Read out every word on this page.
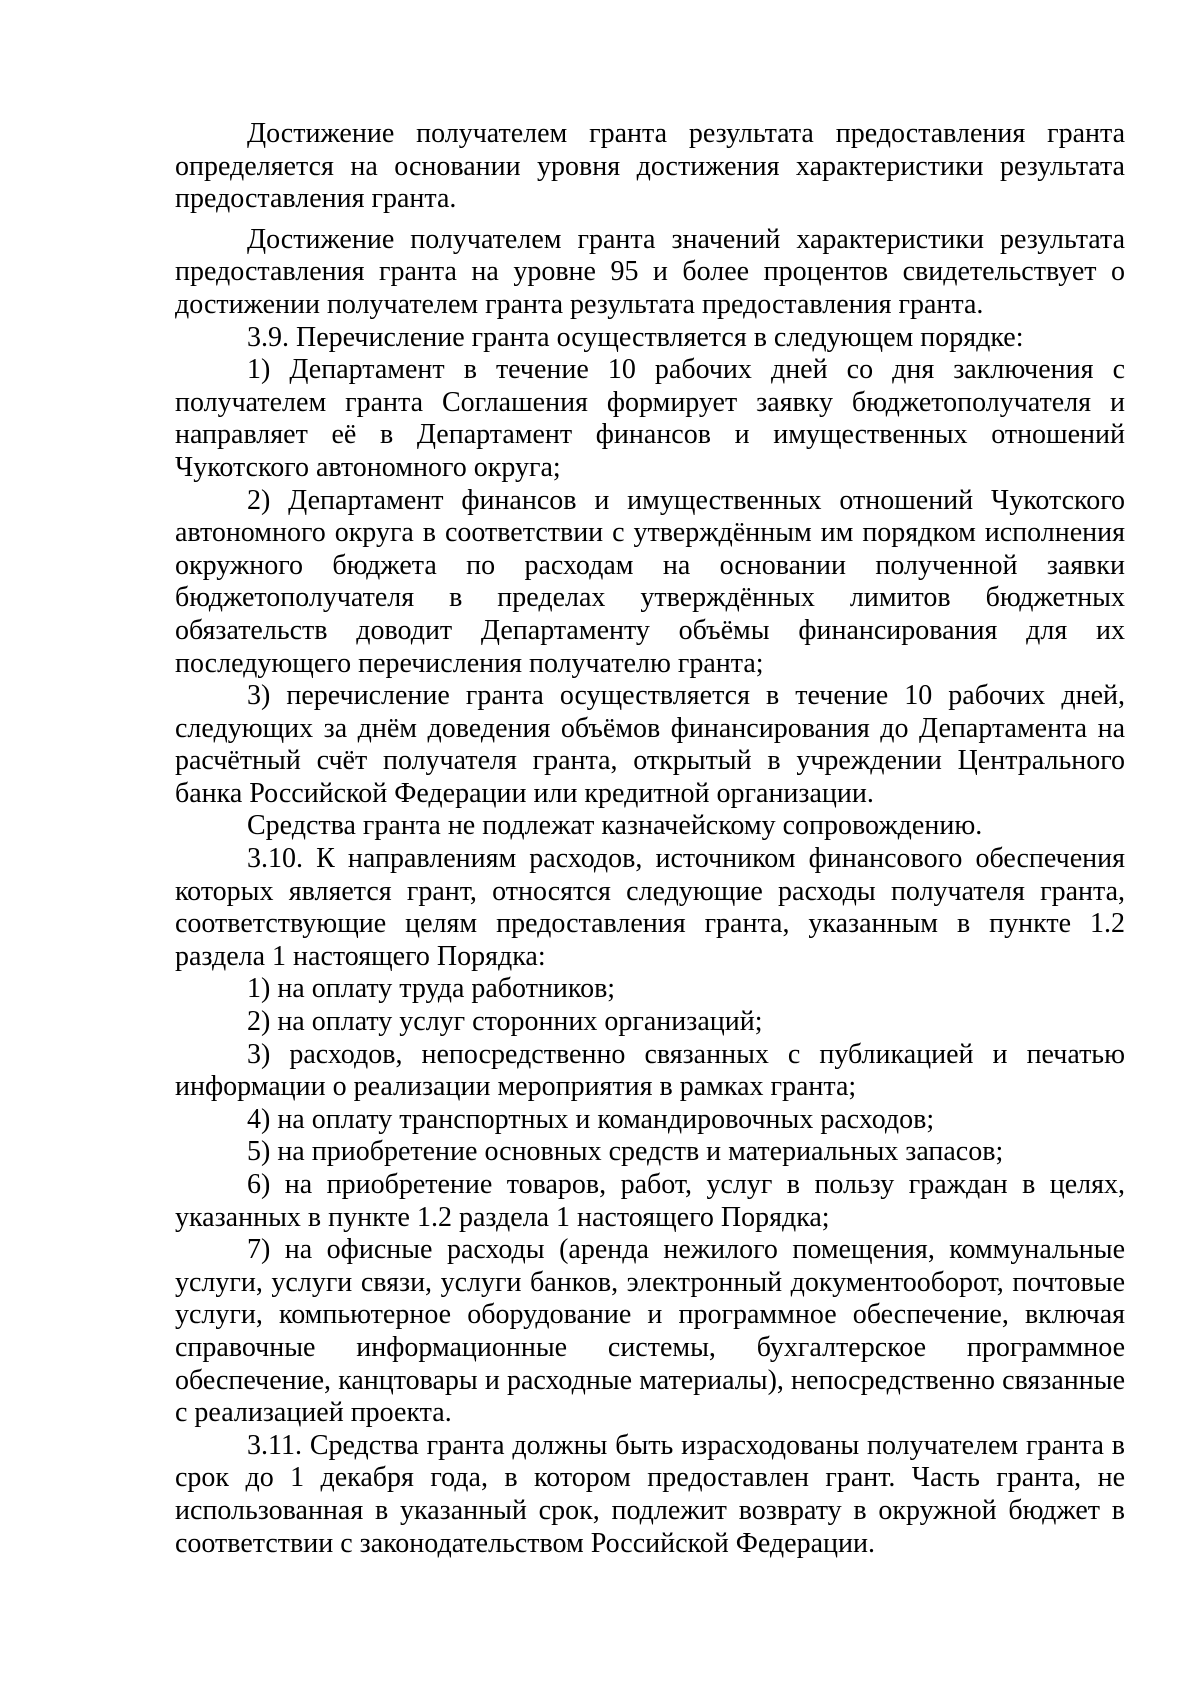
Достижение получателем гранта результата предоставления гранта определяется на основании уровня достижения характеристики результата предоставления гранта.

Достижение получателем гранта значений характеристики результата предоставления гранта на уровне 95 и более процентов свидетельствует о достижении получателем гранта результата предоставления гранта.

3.9. Перечисление гранта осуществляется в следующем порядке:

1) Департамент в течение 10 рабочих дней со дня заключения с получателем гранта Соглашения формирует заявку бюджетополучателя и направляет её в Департамент финансов и имущественных отношений Чукотского автономного округа;

2) Департамент финансов и имущественных отношений Чукотского автономного округа в соответствии с утверждённым им порядком исполнения окружного бюджета по расходам на основании полученной заявки бюджетополучателя в пределах утверждённых лимитов бюджетных обязательств доводит Департаменту объёмы финансирования для их последующего перечисления получателю гранта;

3) перечисление гранта осуществляется в течение 10 рабочих дней, следующих за днём доведения объёмов финансирования до Департамента на расчётный счёт получателя гранта, открытый в учреждении Центрального банка Российской Федерации или кредитной организации.

Средства гранта не подлежат казначейскому сопровождению.

3.10. К направлениям расходов, источником финансового обеспечения которых является грант, относятся следующие расходы получателя гранта, соответствующие целям предоставления гранта, указанным в пункте 1.2 раздела 1 настоящего Порядка:

1) на оплату труда работников;

2) на оплату услуг сторонних организаций;

3) расходов, непосредственно связанных с публикацией и печатью информации о реализации мероприятия в рамках гранта;

4) на оплату транспортных и командировочных расходов;

5) на приобретение основных средств и материальных запасов;

6) на приобретение товаров, работ, услуг в пользу граждан в целях, указанных в пункте 1.2 раздела 1 настоящего Порядка;

7) на офисные расходы (аренда нежилого помещения, коммунальные услуги, услуги связи, услуги банков, электронный документооборот, почтовые услуги, компьютерное оборудование и программное обеспечение, включая справочные информационные системы, бухгалтерское программное обеспечение, канцтовары и расходные материалы), непосредственно связанные с реализацией проекта.

3.11. Средства гранта должны быть израсходованы получателем гранта в срок до 1 декабря года, в котором предоставлен грант. Часть гранта, не использованная в указанный срок, подлежит возврату в окружной бюджет в соответствии с законодательством Российской Федерации.
